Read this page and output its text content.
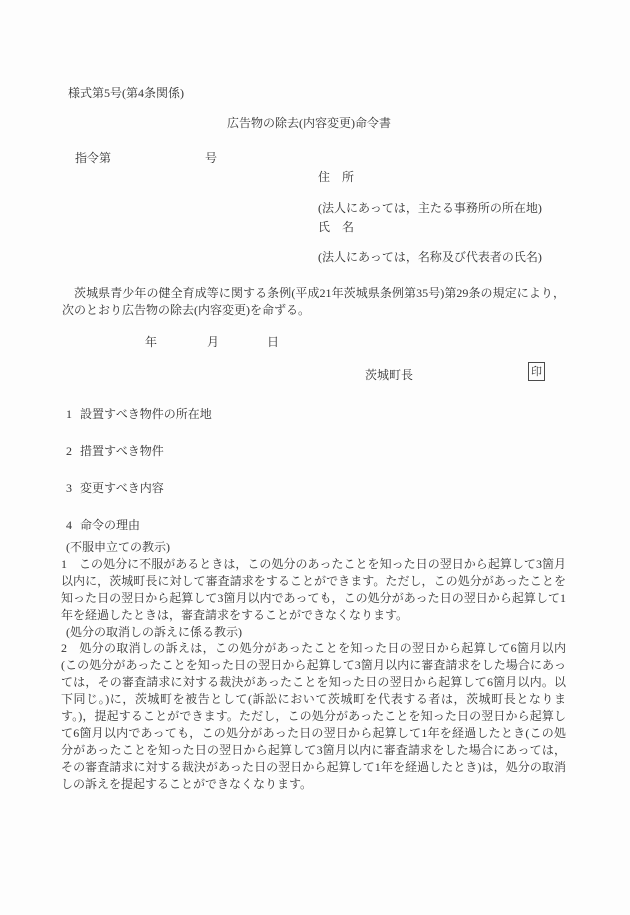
様式第5号(第4条関係)
広告物の除去(内容変更)命令書
指令第	号
住　所
(法人にあっては，主たる事務所の所在地)
氏　名
(法人にあっては，名称及び代表者の氏名)
茨城県青少年の健全育成等に関する条例(平成21年茨城県条例第35号)第29条の規定により，次のとおり広告物の除去(内容変更)を命ずる。
年	月	日
茨城町長	印
1 設置すべき物件の所在地
2 措置すべき物件
3 変更すべき内容
4 命令の理由
(不服申立ての教示)
1 この処分に不服があるときは，この処分のあったことを知った日の翌日から起算して3箇月以内に，茨城町長に対して審査請求をすることができます。ただし，この処分があったことを知った日の翌日から起算して3箇月以内であっても，この処分があった日の翌日から起算して1年を経過したときは，審査請求をすることができなくなります。
(処分の取消しの訴えに係る教示)
2 処分の取消しの訴えは，この処分があったことを知った日の翌日から起算して6箇月以内(この処分があったことを知った日の翌日から起算して3箇月以内に審査請求をした場合にあっては，その審査請求に対する裁決があったことを知った日の翌日から起算して6箇月以内。以下同じ。)に，茨城町を被告として(訴訟において茨城町を代表する者は，茨城町長となります。)，提起することができます。ただし，この処分があったことを知った日の翌日から起算して6箇月以内であっても，この処分があった日の翌日から起算して1年を経過したとき(この処分があったことを知った日の翌日から起算して3箇月以内に審査請求をした場合にあっては，その審査請求に対する裁決があった日の翌日から起算して1年を経過したとき)は，処分の取消しの訴えを提起することができなくなります。
